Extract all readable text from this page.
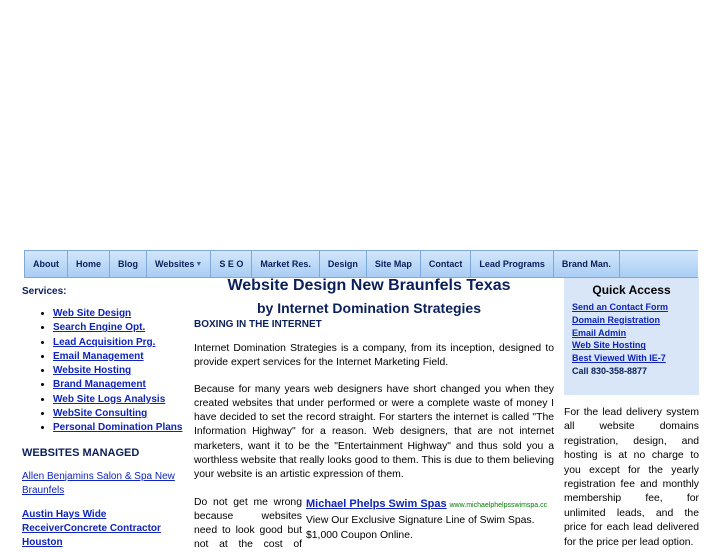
About	Home	Blog	Websites ▼	S E O	Market Res.	Design	Site Map	Contact	Lead Programs	Brand Man.
Services:
• Web Site Design
• Search Engine Opt.
• Lead Acquisition Prg.
• Email Management
• Website Hosting
• Brand Management
• Web Site Logs Analysis
• WebSite Consulting
• Personal Domination Plans
WEBSITES MANAGED
Allen Benjamins Salon & Spa New Braunfels
Austin Hays Wide ReceiverConcrete Contractor Houston
Website Design New Braunfels Texas
by Internet Domination Strategies
BOXING IN THE INTERNET
Internet Domination Strategies is a company, from its inception, designed to provide expert services for the Internet Marketing Field.
Because for many years web designers have short changed you when they created websites that under performed or were a complete waste of money I have decided to set the record straight. For starters the internet is called "The Information Highway" for a reason. Web designers, that are not internet marketers, want it to be the "Entertainment Highway" and thus sold you a worthless website that really looks good to them. This is due to them believing your website is an artistic expression of them.
Do not get me wrong
because websites
need to look good but
not at the cost of
Michael Phelps Swim Spas www.michaelphelpsswimspa.cc
View Our Exclusive Signature Line of Swim Spas.
$1,000 Coupon Online.
Quick Access
Send an Contact Form
Domain Registration
Email Admin
Web Site Hosting
Best Viewed With IE-7
Call 830-358-8877
For the lead delivery system all website domains registration, design, and hosting is at no charge to you except for the yearly registration fee and monthly membership fee, for unlimited leads, and the price for each lead delivered for the price per lead option.
